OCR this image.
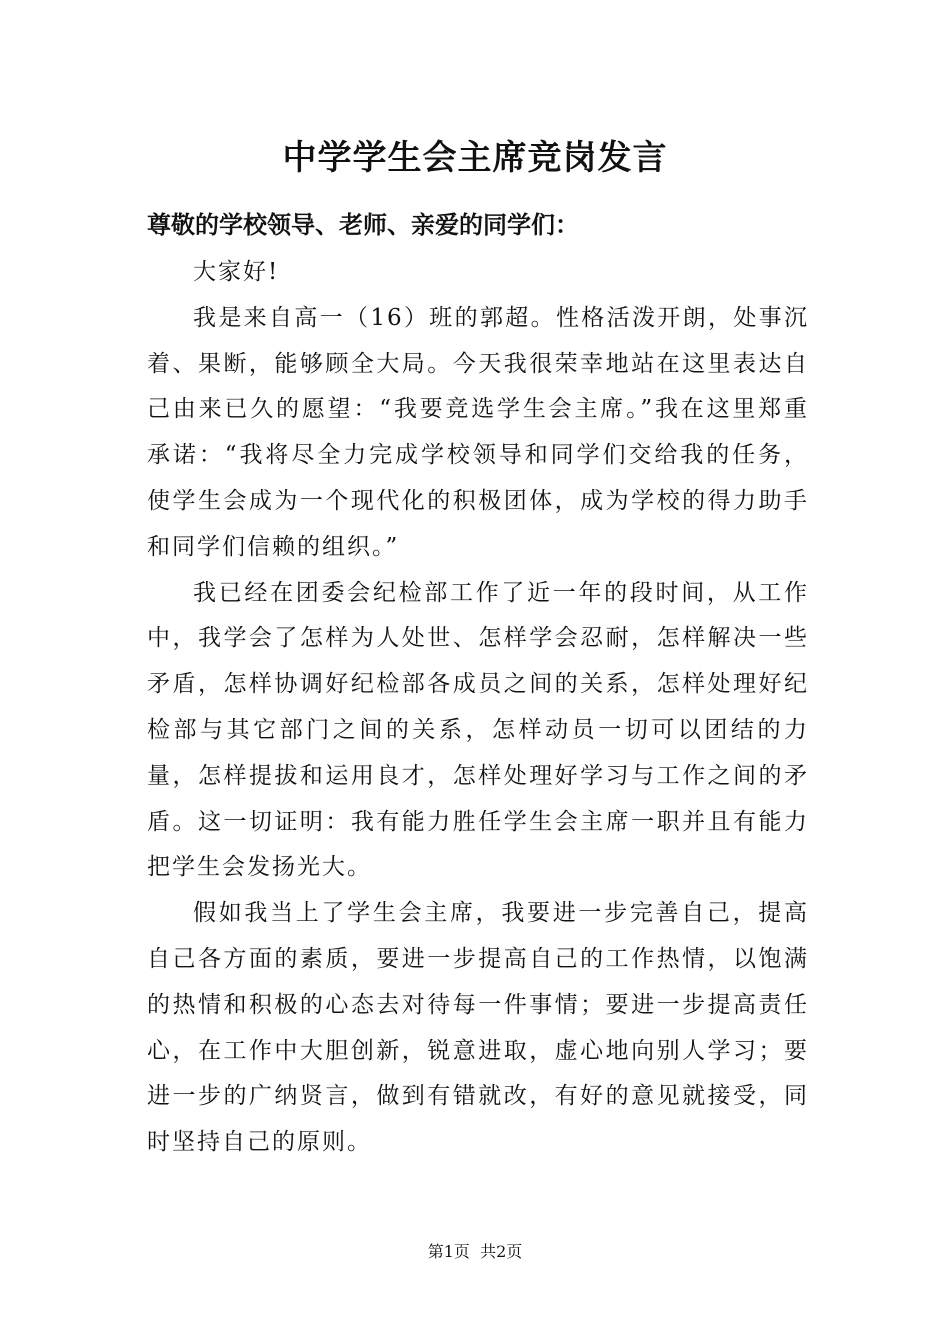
中学学生会主席竞岗发言
尊敬的学校领导、老师、亲爱的同学们：

大家好!

我是来自高一（16）班的郭超。性格活泼开朗，处事沉着、果断，能够顾全大局。今天我很荣幸地站在这里表达自己由来已久的愿望：“我要竞选学生会主席。”我在这里郑重承诺：“我将尽全力完成学校领导和同学们交给我的任务，使学生会成为一个现代化的积极团体，成为学校的得力助手和同学们信赖的组织。”

我已经在团委会纪检部工作了近一年的段时间，从工作中，我学会了怎样为人处世、怎样学会忍耐，怎样解决一些矛盾，怎样协调好纪检部各成员之间的关系，怎样处理好纪检部与其它部门之间的关系，怎样动员一切可以团结的力量，怎样提拔和运用良才，怎样处理好学习与工作之间的矛盾。这一切证明：我有能力胜任学生会主席一职并且有能力把学生会发扬光大。

假如我当上了学生会主席，我要进一步完善自己，提高自己各方面的素质，要进一步提高自己的工作热情，以饱满的热情和积极的心态去对待每一件事情；要进一步提高责任心，在工作中大胆创新，锐意进取，虚心地向别人学习；要进一步的广纳贤言，做到有错就改，有好的意见就接受，同时坚持自己的原则。

第1页  共2页
